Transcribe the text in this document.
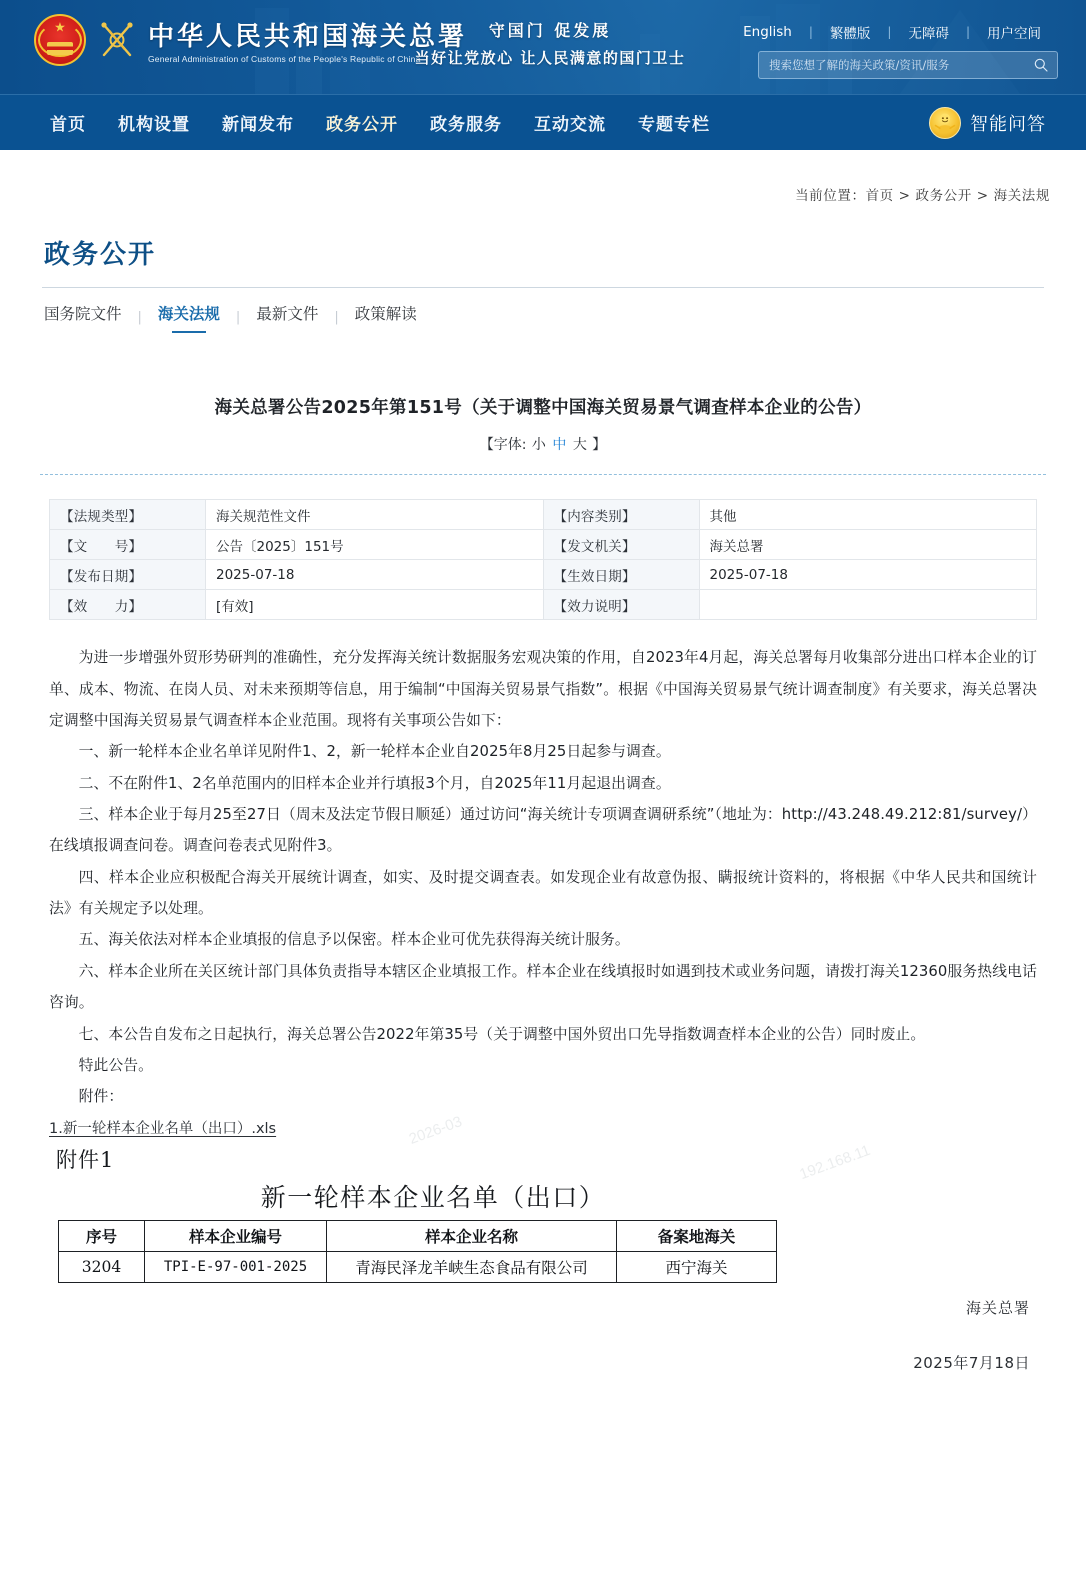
★	中华人民共和国海关总署
General Administration of Customs of the People's Republic of China
守国门 促发展
当好让党放心 让人民满意的国门卫士
English	|	繁體版	|	无障碍	|	用户空间
搜索您想了解的海关政策/资讯/服务
首页	机构设置	新闻发布	政务公开	政务服务	互动交流	专题专栏	智能问答
当前位置：首页 > 政务公开 > 海关法规
政务公开
国务院文件	|	海关法规	|	最新文件	|	政策解读
海关总署公告2025年第151号（关于调整中国海关贸易景气调查样本企业的公告）
【字体: 小 中 大 】
【法规类型】	海关规范性文件	【内容类别】	其他
【文　　号】	公告〔2025〕151号	【发文机关】	海关总署
【发布日期】	2025-07-18	【生效日期】	2025-07-18
【效　　力】	[有效]	【效力说明】	

为进一步增强外贸形势研判的准确性，充分发挥海关统计数据服务宏观决策的作用，自2023年4月起，海关总署每月收集部分进出口样本企业的订单、成本、物流、在岗人员、对未来预期等信息，用于编制“中国海关贸易景气指数”。根据《中国海关贸易景气统计调查制度》有关要求，海关总署决定调整中国海关贸易景气调查样本企业范围。现将有关事项公告如下：

一、新一轮样本企业名单详见附件1、2，新一轮样本企业自2025年8月25日起参与调查。

二、不在附件1、2名单范围内的旧样本企业并行填报3个月，自2025年11月起退出调查。

三、样本企业于每月25至27日（周末及法定节假日顺延）通过访问“海关统计专项调查调研系统”（地址为：http://43.248.49.212:81/survey/）在线填报调查问卷。调查问卷表式见附件3。

四、样本企业应积极配合海关开展统计调查，如实、及时提交调查表。如发现企业有故意伪报、瞒报统计资料的，将根据《中华人民共和国统计法》有关规定予以处理。

五、海关依法对样本企业填报的信息予以保密。样本企业可优先获得海关统计服务。

六、样本企业所在关区统计部门具体负责指导本辖区企业填报工作。样本企业在线填报时如遇到技术或业务问题，请拨打海关12360服务热线电话咨询。

七、本公告自发布之日起执行，海关总署公告2022年第35号（关于调整中国外贸出口先导指数调查样本企业的公告）同时废止。

特此公告。

附件：

1.新一轮样本企业名单（出口）.xls	2026-03
192.168.11
附件1
新一轮样本企业名单（出口）
序号	样本企业编号	样本企业名称	备案地海关
3204	TPI-E-97-001-2025	青海民泽龙羊峡生态食品有限公司	西宁海关
海关总署
2025年7月18日
